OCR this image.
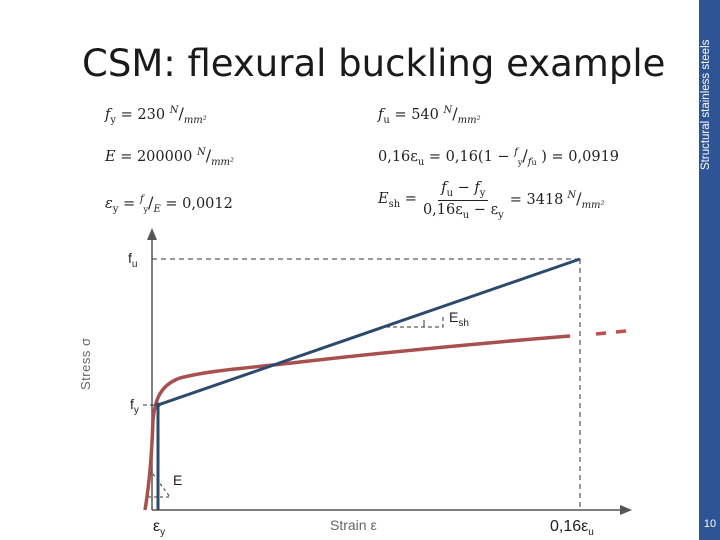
CSM: flexural buckling example	Structural stainless steels
10
$f_y = 230$ $^N/_{mm^2}$
E = 200000 $^N/_{mm^2}$
$\varepsilon_y = ^f_y/_E = 0,0012$
$f_u = 540$ $^N/_{mm^2}$
$0,16\varepsilon_u = 0,16(1 - ^f_y/_{fu}$ ) = 0,0919
$E_{sh} = \frac{f_u - f_y}{0,16\varepsilon_u - \varepsilon_y} = 3418$ $^N/_{mm^2}$
Stress σ
Strain ε
$f_u$
$f_y$
$E_{sh}$
E
$\varepsilon_y$	$0,16\varepsilon_u$
